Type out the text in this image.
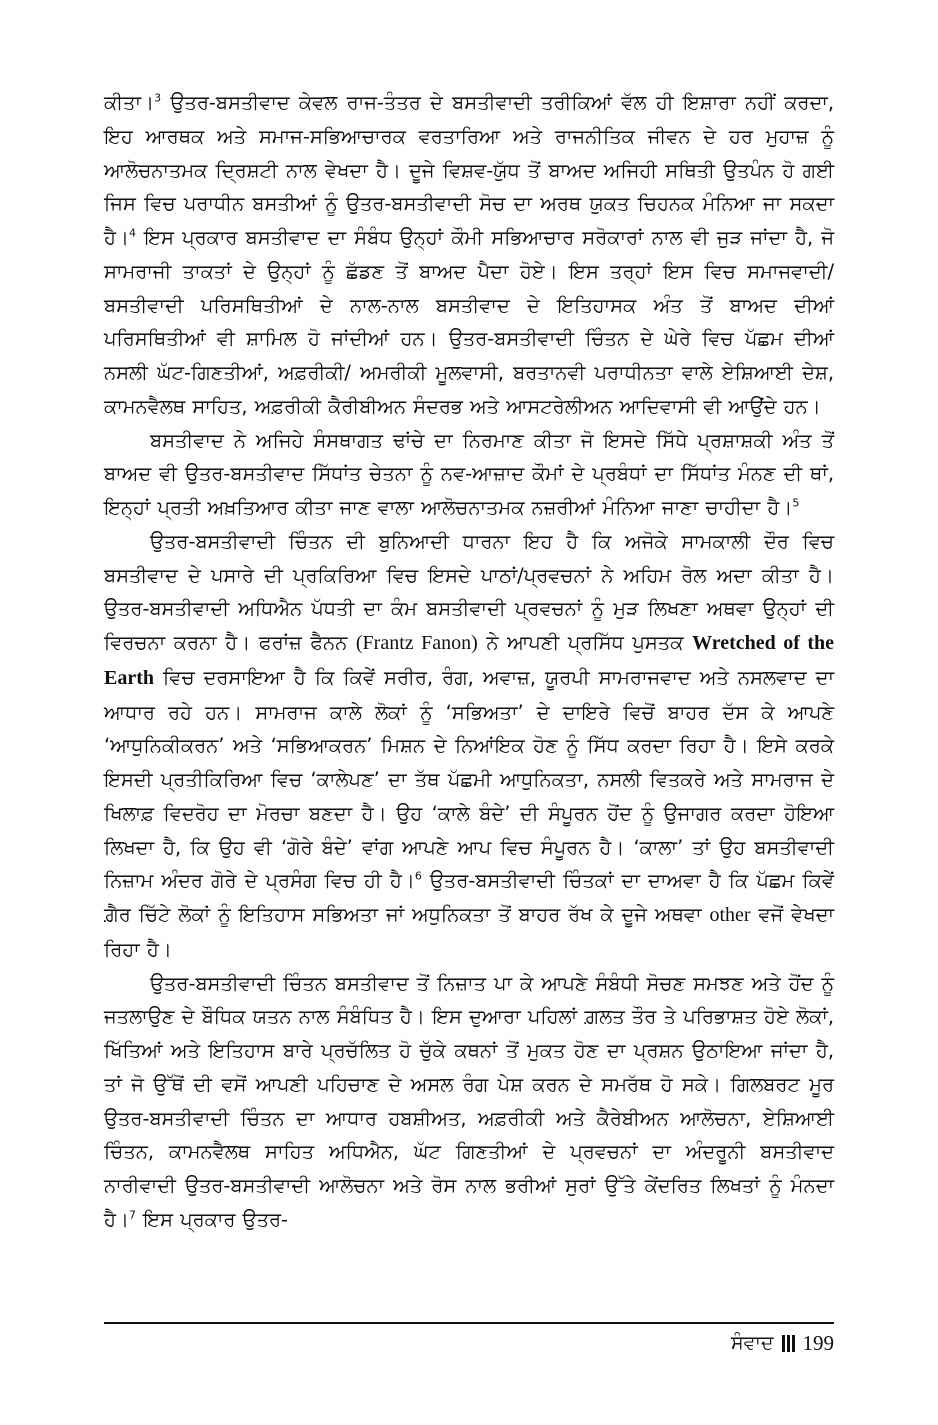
ਕੀਤਾ।$^3$ ਉਤਰ-ਬਸਤੀਵਾਦ ਕੇਵਲ ਰਾਜ-ਤੰਤਰ ਦੇ ਬਸਤੀਵਾਦੀ ਤਰੀਕਿਆਂ ਵੱਲ ਹੀ ਇਸ਼ਾਰਾ ਨਹੀਂ ਕਰਦਾ, ਇਹ ਆਰਥਕ ਅਤੇ ਸਮਾਜ-ਸਭਿਆਚਾਰਕ ਵਰਤਾਰਿਆ ਅਤੇ ਰਾਜਨੀਤਿਕ ਜੀਵਨ ਦੇ ਹਰ ਮੁਹਾਜ਼ ਨੂੰ ਆਲੋਚਨਾਤਮਕ ਦ੍ਰਿਸ਼ਟੀ ਨਾਲ ਵੇਖਦਾ ਹੈ। ਦੂਜੇ ਵਿਸ਼ਵ-ਯੁੱਧ ਤੋਂ ਬਾਅਦ ਅਜਿਹੀ ਸਥਿਤੀ ਉਤਪੰਨ ਹੋ ਗਈ ਜਿਸ ਵਿਚ ਪਰਾਧੀਨ ਬਸਤੀਆਂ ਨੂੰ ਉਤਰ-ਬਸਤੀਵਾਦੀ ਸੋਚ ਦਾ ਅਰਥ ਯੁਕਤ ਚਿਹਨਕ ਮੰਨਿਆ ਜਾ ਸਕਦਾ ਹੈ।$^4$ ਇਸ ਪ੍ਰਕਾਰ ਬਸਤੀਵਾਦ ਦਾ ਸੰਬੰਧ ਉਨ੍ਹਾਂ ਕੌਮੀ ਸਭਿਆਚਾਰ ਸਰੋਕਾਰਾਂ ਨਾਲ ਵੀ ਜੁੜ ਜਾਂਦਾ ਹੈ, ਜੋ ਸਾਮਰਾਜੀ ਤਾਕਤਾਂ ਦੇ ਉਨ੍ਹਾਂ ਨੂੰ ਛੱਡਣ ਤੋਂ ਬਾਅਦ ਪੈਦਾ ਹੋਏ। ਇਸ ਤਰ੍ਹਾਂ ਇਸ ਵਿਚ ਸਮਾਜਵਾਦੀ/ਬਸਤੀਵਾਦੀ ਪਰਿਸਥਿਤੀਆਂ ਦੇ ਨਾਲ-ਨਾਲ ਬਸਤੀਵਾਦ ਦੇ ਇਤਿਹਾਸਕ ਅੰਤ ਤੋਂ ਬਾਅਦ ਦੀਆਂ ਪਰਿਸਥਿਤੀਆਂ ਵੀ ਸ਼ਾਮਿਲ ਹੋ ਜਾਂਦੀਆਂ ਹਨ। ਉਤਰ-ਬਸਤੀਵਾਦੀ ਚਿੰਤਨ ਦੇ ਘੇਰੇ ਵਿਚ ਪੱਛਮ ਦੀਆਂ ਨਸਲੀ ਘੱਟ-ਗਿਣਤੀਆਂ, ਅਫ਼ਰੀਕੀ/ ਅਮਰੀਕੀ ਮੂਲਵਾਸੀ, ਬਰਤਾਨਵੀ ਪਰਾਧੀਨਤਾ ਵਾਲੇ ਏਸ਼ਿਆਈ ਦੇਸ਼, ਕਾਮਨਵੈਲਥ ਸਾਹਿਤ, ਅਫ਼ਰੀਕੀ ਕੈਰੀਬੀਅਨ ਸੰਦਰਭ ਅਤੇ ਆਸਟਰੇਲੀਅਨ ਆਦਿਵਾਸੀ ਵੀ ਆਉਂਦੇ ਹਨ।

ਬਸਤੀਵਾਦ ਨੇ ਅਜਿਹੇ ਸੰਸਥਾਗਤ ਢਾਂਚੇ ਦਾ ਨਿਰਮਾਣ ਕੀਤਾ ਜੋ ਇਸਦੇ ਸਿੱਧੇ ਪ੍ਰਸ਼ਾਸ਼ਕੀ ਅੰਤ ਤੋਂ ਬਾਅਦ ਵੀ ਉਤਰ-ਬਸਤੀਵਾਦ ਸਿੱਧਾਂਤ ਚੇਤਨਾ ਨੂੰ ਨਵ-ਆਜ਼ਾਦ ਕੌਮਾਂ ਦੇ ਪ੍ਰਬੰਧਾਂ ਦਾ ਸਿੱਧਾਂਤ ਮੰਨਣ ਦੀ ਥਾਂ, ਇਨ੍ਹਾਂ ਪ੍ਰਤੀ ਅਖ਼ਤਿਆਰ ਕੀਤਾ ਜਾਣ ਵਾਲਾ ਆਲੋਚਨਾਤਮਕ ਨਜ਼ਰੀਆਂ ਮੰਨਿਆ ਜਾਣਾ ਚਾਹੀਦਾ ਹੈ।$^5$

ਉਤਰ-ਬਸਤੀਵਾਦੀ ਚਿੰਤਨ ਦੀ ਬੁਨਿਆਦੀ ਧਾਰਨਾ ਇਹ ਹੈ ਕਿ ਅਜੋਕੇ ਸਾਮਕਾਲੀ ਦੌਰ ਵਿਚ ਬਸਤੀਵਾਦ ਦੇ ਪਸਾਰੇ ਦੀ ਪ੍ਰਕਿਰਿਆ ਵਿਚ ਇਸਦੇ ਪਾਠਾਂ/ਪ੍ਰਵਚਨਾਂ ਨੇ ਅਹਿਮ ਰੋਲ ਅਦਾ ਕੀਤਾ ਹੈ। ਉਤਰ-ਬਸਤੀਵਾਦੀ ਅਧਿਐਨ ਪੱਧਤੀ ਦਾ ਕੰਮ ਬਸਤੀਵਾਦੀ ਪ੍ਰਵਚਨਾਂ ਨੂੰ ਮੁੜ ਲਿਖਣਾ ਅਥਵਾ ਉਨ੍ਹਾਂ ਦੀ ਵਿਰਚਨਾ ਕਰਨਾ ਹੈ। ਫਰਾਂਜ਼ ਫੈਨਨ (Frantz Fanon) ਨੇ ਆਪਣੀ ਪ੍ਰਸਿੱਧ ਪੁਸਤਕ Wretched of the Earth ਵਿਚ ਦਰਸਾਇਆ ਹੈ ਕਿ ਕਿਵੇਂ ਸਰੀਰ, ਰੰਗ, ਅਵਾਜ਼, ਯੂਰਪੀ ਸਾਮਰਾਜਵਾਦ ਅਤੇ ਨਸਲਵਾਦ ਦਾ ਆਧਾਰ ਰਹੇ ਹਨ। ਸਾਮਰਾਜ ਕਾਲੇ ਲੋਕਾਂ ਨੂੰ ‘ਸਭਿਅਤਾ’ ਦੇ ਦਾਇਰੇ ਵਿਚੋਂ ਬਾਹਰ ਦੱਸ ਕੇ ਆਪਣੇ ‘ਆਧੁਨਿਕੀਕਰਨ’ ਅਤੇ ‘ਸਭਿਆਕਰਨ’ ਮਿਸ਼ਨ ਦੇ ਨਿਆਂਇਕ ਹੋਣ ਨੂੰ ਸਿੱਧ ਕਰਦਾ ਰਿਹਾ ਹੈ। ਇਸੇ ਕਰਕੇ ਇਸਦੀ ਪ੍ਰਤੀਕਿਰਿਆ ਵਿਚ ‘ਕਾਲੇਪਣ’ ਦਾ ਤੱਥ ਪੱਛਮੀ ਆਧੁਨਿਕਤਾ, ਨਸਲੀ ਵਿਤਕਰੇ ਅਤੇ ਸਾਮਰਾਜ ਦੇ ਖਿਲਾਫ਼ ਵਿਦਰੋਹ ਦਾ ਮੋਰਚਾ ਬਣਦਾ ਹੈ। ਉਹ ‘ਕਾਲੇ ਬੰਦੇ’ ਦੀ ਸੰਪੂਰਨ ਹੋਂਦ ਨੂੰ ਉਜਾਗਰ ਕਰਦਾ ਹੋਇਆ ਲਿਖਦਾ ਹੈ, ਕਿ ਉਹ ਵੀ ‘ਗੋਰੇ ਬੰਦੇ’ ਵਾਂਗ ਆਪਣੇ ਆਪ ਵਿਚ ਸੰਪੂਰਨ ਹੈ। ‘ਕਾਲਾ’ ਤਾਂ ਉਹ ਬਸਤੀਵਾਦੀ ਨਿਜ਼ਾਮ ਅੰਦਰ ਗੋਰੇ ਦੇ ਪ੍ਰਸੰਗ ਵਿਚ ਹੀ ਹੈ।$^6$ ਉਤਰ-ਬਸਤੀਵਾਦੀ ਚਿੰਤਕਾਂ ਦਾ ਦਾਅਵਾ ਹੈ ਕਿ ਪੱਛਮ ਕਿਵੇਂ ਗ਼ੈਰ ਚਿੱਟੇ ਲੋਕਾਂ ਨੂੰ ਇਤਿਹਾਸ ਸਭਿਅਤਾ ਜਾਂ ਅਧੁਨਿਕਤਾ ਤੋਂ ਬਾਹਰ ਰੱਖ ਕੇ ਦੂਜੇ ਅਥਵਾ other ਵਜੋਂ ਵੇਖਦਾ ਰਿਹਾ ਹੈ।

ਉਤਰ-ਬਸਤੀਵਾਦੀ ਚਿੰਤਨ ਬਸਤੀਵਾਦ ਤੋਂ ਨਿਜ਼ਾਤ ਪਾ ਕੇ ਆਪਣੇ ਸੰਬੰਧੀ ਸੋਚਣ ਸਮਝਣ ਅਤੇ ਹੋਂਦ ਨੂੰ ਜਤਲਾਉਣ ਦੇ ਬੌਧਿਕ ਯਤਨ ਨਾਲ ਸੰਬੰਧਿਤ ਹੈ। ਇਸ ਦੁਆਰਾ ਪਹਿਲਾਂ ਗ਼ਲਤ ਤੌਰ ਤੇ ਪਰਿਭਾਸ਼ਤ ਹੋਏ ਲੋਕਾਂ, ਖਿੱਤਿਆਂ ਅਤੇ ਇਤਿਹਾਸ ਬਾਰੇ ਪ੍ਰਚੱਲਿਤ ਹੋ ਚੁੱਕੇ ਕਥਨਾਂ ਤੋਂ ਮੁਕਤ ਹੋਣ ਦਾ ਪ੍ਰਸ਼ਨ ਉਠਾਇਆ ਜਾਂਦਾ ਹੈ, ਤਾਂ ਜੋ ਉੱਥੋਂ ਦੀ ਵਸੋਂ ਆਪਣੀ ਪਹਿਚਾਣ ਦੇ ਅਸਲ ਰੰਗ ਪੇਸ਼ ਕਰਨ ਦੇ ਸਮਰੱਥ ਹੋ ਸਕੇ। ਗਿਲਬਰਟ ਮੂਰ ਉਤਰ-ਬਸਤੀਵਾਦੀ ਚਿੰਤਨ ਦਾ ਆਧਾਰ ਹਬਸ਼ੀਅਤ, ਅਫ਼ਰੀਕੀ ਅਤੇ ਕੈਰੇਬੀਅਨ ਆਲੋਚਨਾ, ਏਸ਼ਿਆਈ ਚਿੰਤਨ, ਕਾਮਨਵੈਲਥ ਸਾਹਿਤ ਅਧਿਐਨ, ਘੱਟ ਗਿਣਤੀਆਂ ਦੇ ਪ੍ਰਵਚਨਾਂ ਦਾ ਅੰਦਰੂਨੀ ਬਸਤੀਵਾਦ ਨਾਰੀਵਾਦੀ ਉਤਰ-ਬਸਤੀਵਾਦੀ ਆਲੋਚਨਾ ਅਤੇ ਰੋਸ ਨਾਲ ਭਰੀਆਂ ਸੁਰਾਂ ਉੱਤੇ ਕੇਂਦਰਿਤ ਲਿਖਤਾਂ ਨੂੰ ਮੰਨਦਾ ਹੈ।$^7$ ਇਸ ਪ੍ਰਕਾਰ ਉਤਰ-

ਸੰਵਾਦ 199
